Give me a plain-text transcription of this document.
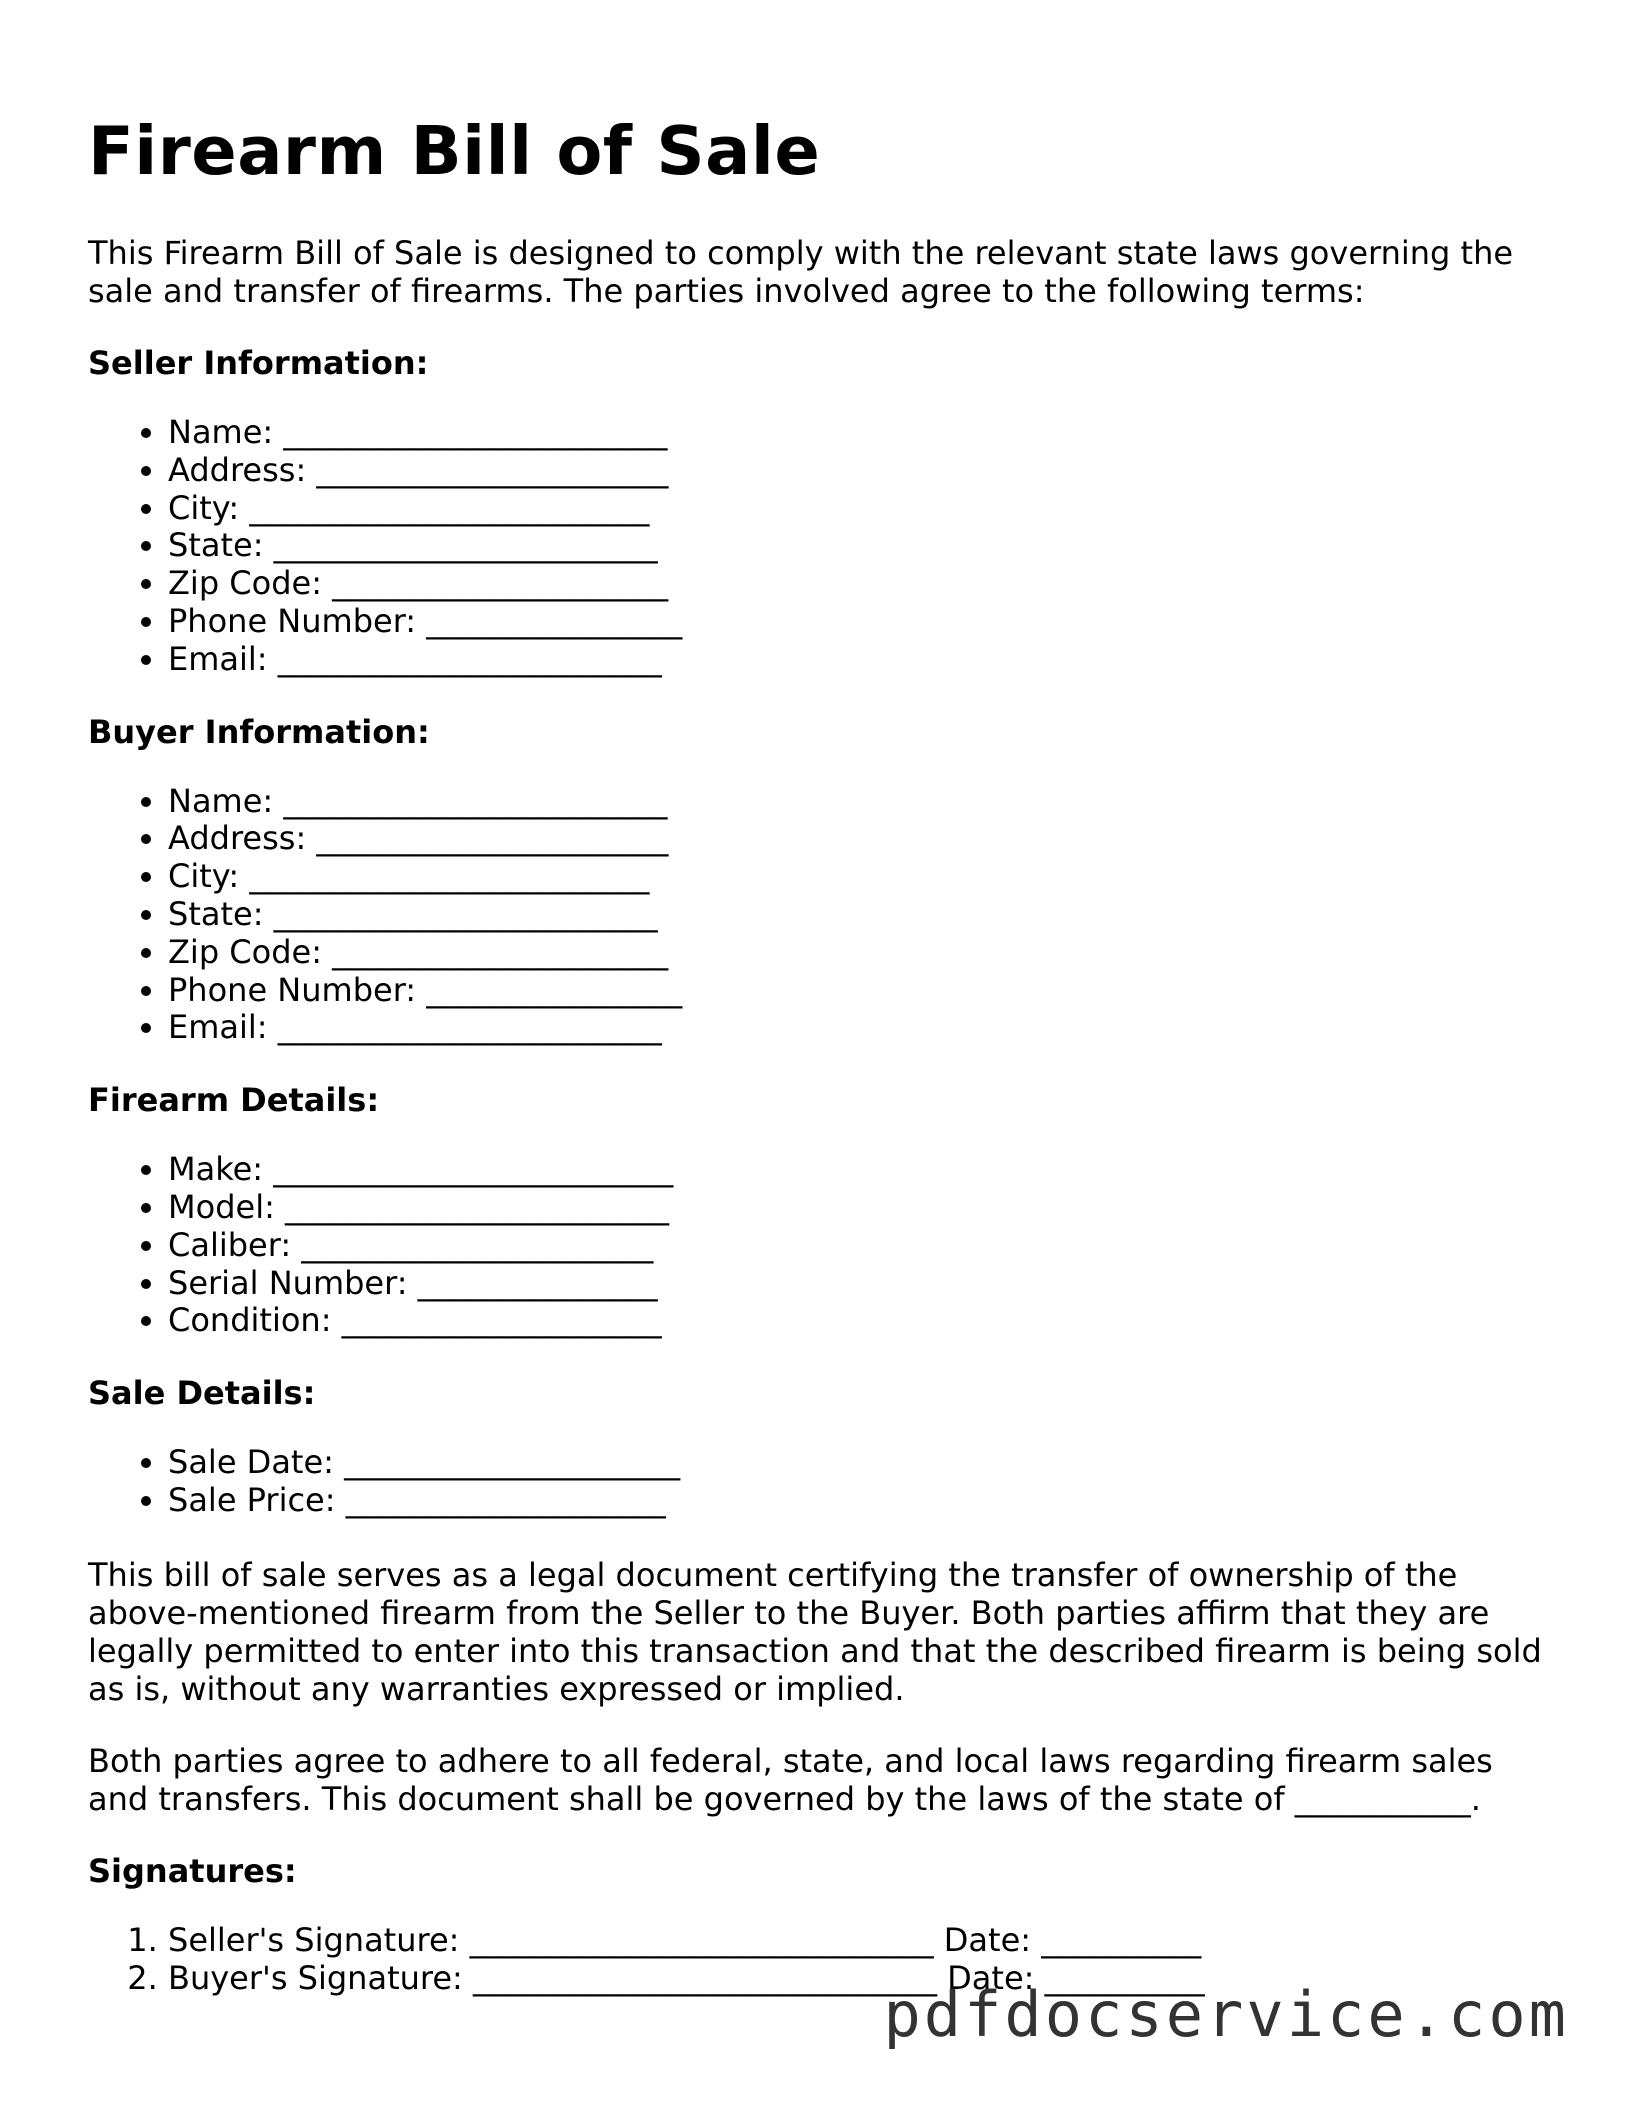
Firearm Bill of Sale

This Firearm Bill of Sale is designed to comply with the relevant state laws governing the sale and transfer of firearms. The parties involved agree to the following terms:

Seller Information:
• Name: ________________________
• Address: ______________________
• City: _________________________
• State: ________________________
• Zip Code: _____________________
• Phone Number: ________________
• Email: ________________________
Buyer Information:
• Name: ________________________
• Address: ______________________
• City: _________________________
• State: ________________________
• Zip Code: _____________________
• Phone Number: ________________
• Email: ________________________
Firearm Details:
• Make: _________________________
• Model: ________________________
• Caliber: ______________________
• Serial Number: _______________
• Condition: ____________________
Sale Details:
• Sale Date: _____________________
• Sale Price: ____________________

This bill of sale serves as a legal document certifying the transfer of ownership of the above-mentioned firearm from the Seller to the Buyer. Both parties affirm that they are legally permitted to enter into this transaction and that the described firearm is being sold as is, without any warranties expressed or implied.

Both parties agree to adhere to all federal, state, and local laws regarding firearm sales and transfers. This document shall be governed by the laws of the state of ___________.

Signatures:
1. Seller's Signature: _____________________________ Date: __________
2. Buyer's Signature: _____________________________ Date: __________
pdfdocservice.com
